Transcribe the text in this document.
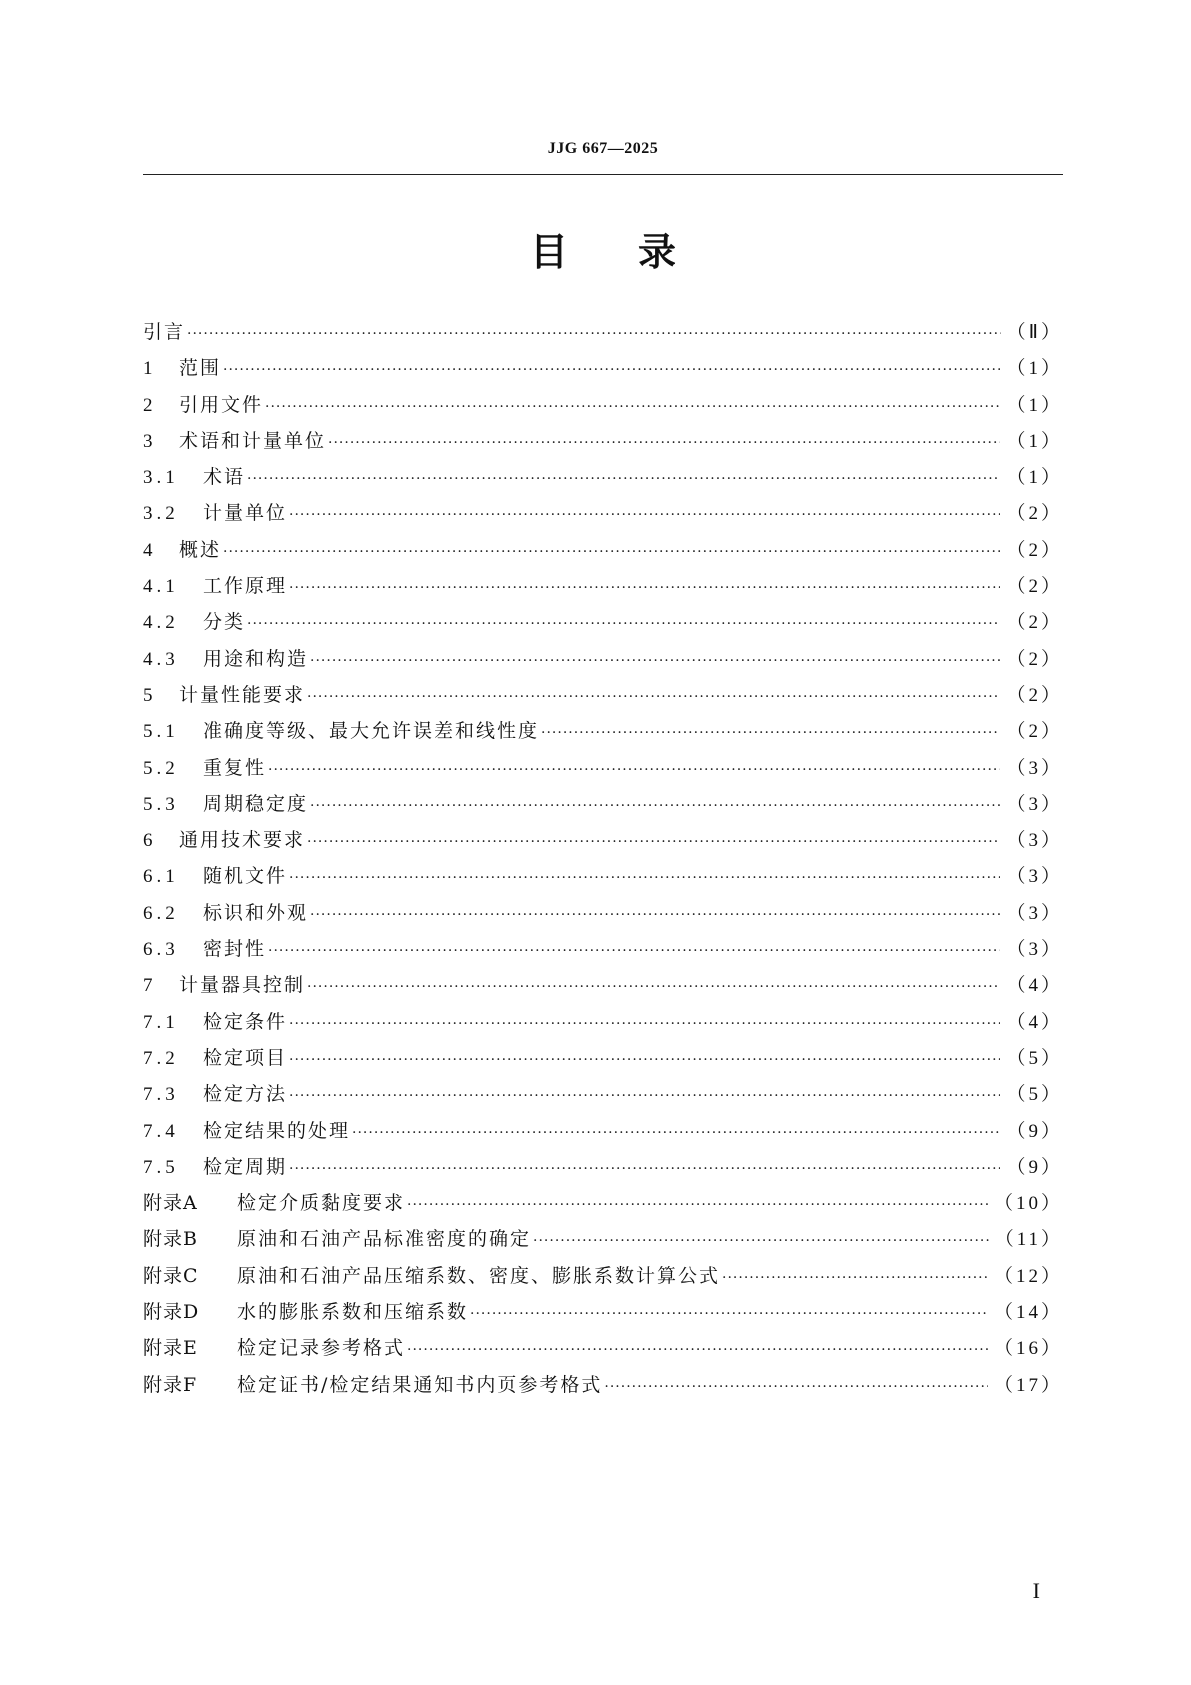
JJG 667—2025
目录
引言 ·····	（Ⅱ）
1 范围 ·····	（1）
2 引用文件 ·····	（1）
3 术语和计量单位 ·····	（1）
3.1 术语 ·····	（1）
3.2 计量单位 ·····	（2）
4 概述 ·····	（2）
4.1 工作原理 ·····	（2）
4.2 分类 ·····	（2）
4.3 用途和构造 ·····	（2）
5 计量性能要求 ·····	（2）
5.1 准确度等级、最大允许误差和线性度 ·····	（2）
5.2 重复性 ·····	（3）
5.3 周期稳定度 ·····	（3）
6 通用技术要求 ·····	（3）
6.1 随机文件 ·····	（3）
6.2 标识和外观 ·····	（3）
6.3 密封性 ·····	（3）
7 计量器具控制 ·····	（4）
7.1 检定条件 ·····	（4）
7.2 检定项目 ·····	（5）
7.3 检定方法 ·····	（5）
7.4 检定结果的处理 ·····	（9）
7.5 检定周期 ·····	（9）
附录A 检定介质黏度要求 ·····	（10）
附录B 原油和石油产品标准密度的确定 ·····	（11）
附录C 原油和石油产品压缩系数、密度、膨胀系数计算公式 ·····	（12）
附录D 水的膨胀系数和压缩系数 ·····	（14）
附录E 检定记录参考格式 ·····	（16）
附录F 检定证书/检定结果通知书内页参考格式 ·····	（17）
I
